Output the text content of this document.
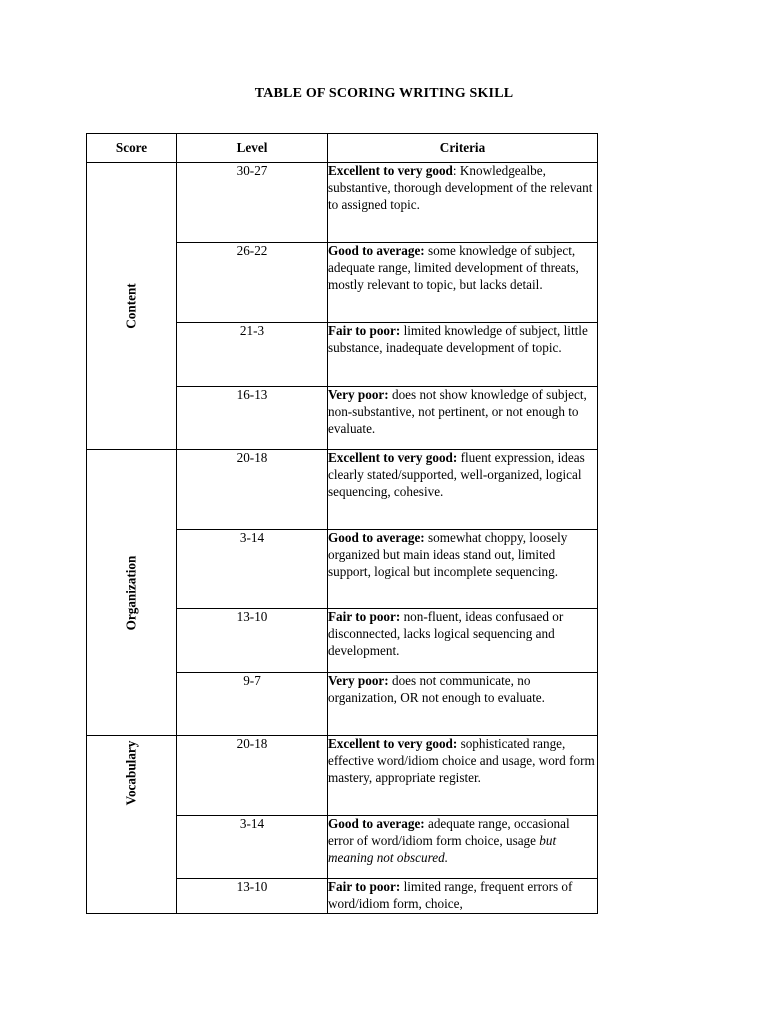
TABLE OF SCORING WRITING SKILL
Score	Level	Criteria

Content	30-27	Excellent to very good: Knowledgealbe, substantive, thorough development of the relevant to assigned topic.
	26-22	Good to average: some knowledge of subject, adequate range, limited development of threats, mostly relevant to topic, but lacks detail.
	21-3	Fair to poor: limited knowledge of subject, little substance, inadequate development of topic.
	16-13	Very poor: does not show knowledge of subject, non-substantive, not pertinent, or not enough to evaluate.

Organization	20-18	Excellent to very good: fluent expression, ideas clearly stated/supported, well-organized, logical sequencing, cohesive.
	3-14	Good to average: somewhat choppy, loosely organized but main ideas stand out, limited support, logical but incomplete sequencing.
	13-10	Fair to poor: non-fluent, ideas confusaed or disconnected, lacks logical sequencing and development.
	9-7	Very poor: does not communicate, no organization, OR not enough to evaluate.

Vocabulary	20-18	Excellent to very good: sophisticated range, effective word/idiom choice and usage, word form mastery, appropriate register.
	3-14	Good to average: adequate range, occasional error of word/idiom form choice, usage but meaning not obscured.
	13-10	Fair to poor: limited range, frequent errors of word/idiom form, choice,
